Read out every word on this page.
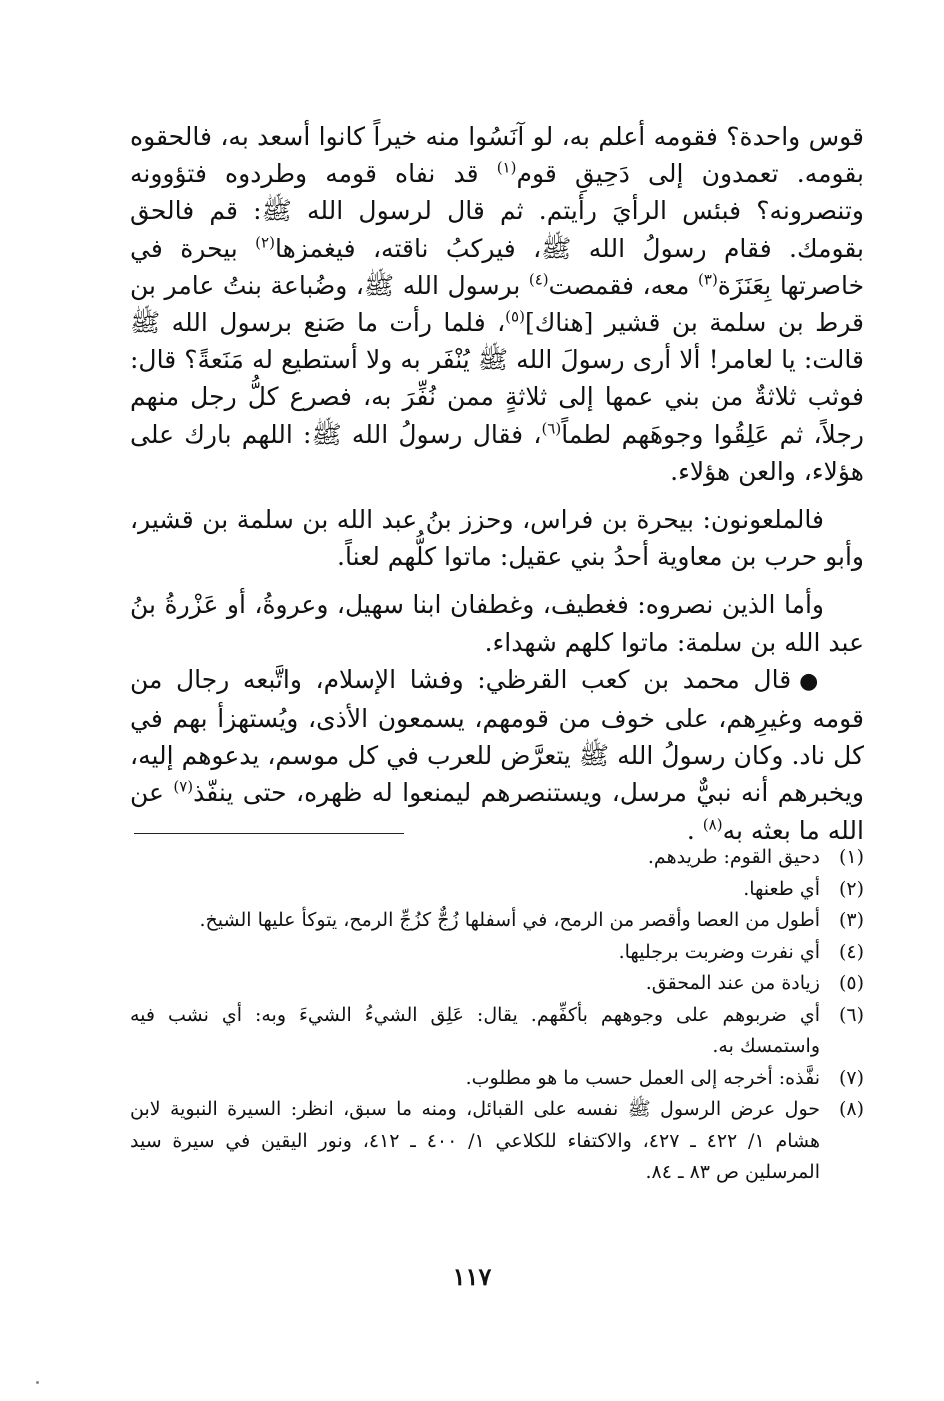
قوس واحدة؟ فقومه أعلم به، لو آنَسُوا منه خيراً كانوا أسعد به، فالحقوه بقومه. تعمدون إلى دَحِيقِ قوم$^{(١)}$ قد نفاه قومه وطردوه فتؤوونه وتنصرونه؟ فبئس الرأيَ رأيتم. ثم قال لرسول الله ﷺ: قم فالحق بقومك. فقام رسولُ الله ﷺ، فيركبُ ناقته، فيغمزها$^{(٢)}$ بيحرة في خاصرتها بِعَنَزَة$^{(٣)}$ معه، فقمصت$^{(٤)}$ برسول الله ﷺ، وضُباعة بنتُ عامر بن قرط بن سلمة بن قشير [هناك]$^{(٥)}$، فلما رأت ما صَنع برسول الله ﷺ قالت: يا لعامر! ألا أرى رسولَ الله ﷺ يُنْفَر به ولا أستطيع له مَنَعةً؟ قال: فوثب ثلاثةٌ من بني عمها إلى ثلاثةٍ ممن نُفِّرَ به، فصرع كلُّ رجل منهم رجلاً، ثم عَلِقُوا وجوهَهم لطماً$^{(٦)}$، فقال رسولُ الله ﷺ: اللهم بارك على هؤلاء، والعن هؤلاء.

فالملعونون: بيحرة بن فراس، وحزز بنُ عبد الله بن سلمة بن قشير، وأبو حرب بن معاوية أحدُ بني عقيل: ماتوا كلُّهم لعناً.

وأما الذين نصروه: فغطيف، وغطفان ابنا سهيل، وعروةُ، أو عَزْرةُ بنُ عبد الله بن سلمة: ماتوا كلهم شهداء.

●قال محمد بن كعب القرظي: وفشا الإسلام، واتَّبعه رجال من قومه وغيرِهم، على خوف من قومهم، يسمعون الأذى، ويُستهزأ بهم في كل ناد. وكان رسولُ الله ﷺ يتعرَّض للعرب في كل موسم، يدعوهم إليه، ويخبرهم أنه نبيٌّ مرسل، ويستنصرهم ليمنعوا له ظهره، حتى ينفّذ$^{(٧)}$ عن الله ما بعثه به$^{(٨)}$ .

(١)
دحيق القوم: طريدهم.
(٢)
أي طعنها.
(٣)
أطول من العصا وأقصر من الرمح، في أسفلها زُجٌّ كزُجِّ الرمح، يتوكأ عليها الشيخ.
(٤)
أي نفرت وضربت برجليها.
(٥)
زيادة من عند المحقق.
(٦)
أي ضربوهم على وجوههم بأكفِّهم. يقال: عَلِق الشيءُ الشيءَ وبه: أي نشب فيه واستمسك به.
(٧)
نفَّذه: أخرجه إلى العمل حسب ما هو مطلوب.
(٨)
حول عرض الرسول ﷺ نفسه على القبائل، ومنه ما سبق، انظر: السيرة النبوية لابن هشام ١/ ٤٢٢ ـ ٤٢٧، والاكتفاء للكلاعي ١/ ٤٠٠ ـ ٤١٢، ونور اليقين في سيرة سيد المرسلين ص ٨٣ ـ ٨٤.
١١٧
